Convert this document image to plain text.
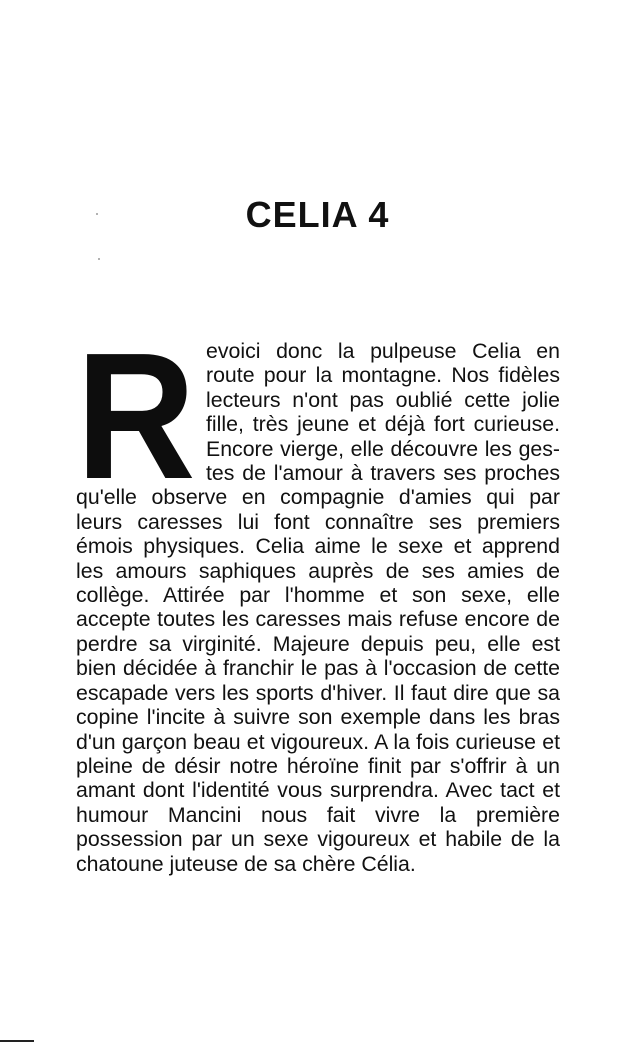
CELIA 4

Revoici donc la pulpeuse Celia en route pour la montagne. Nos fidèles lecteurs n'ont pas oublié cette jolie fille, très jeune et déjà fort curieuse. Encore vierge, elle découvre les gestes de l'amour à travers ses proches qu'elle observe en compagnie d'amies qui par leurs caresses lui font connaître ses premiers émois physiques. Celia aime le sexe et apprend les amours saphiques auprès de ses amies de collège. Attirée par l'homme et son sexe, elle accepte toutes les caresses mais refuse encore de perdre sa virginité. Majeure depuis peu, elle est bien décidée à franchir le pas à l'occasion de cette escapade vers les sports d'hiver. Il faut dire que sa copine l'incite à suivre son exemple dans les bras d'un garçon beau et vigoureux. A la fois curieuse et pleine de désir notre héroïne finit par s'offrir à un amant dont l'identité vous surprendra. Avec tact et humour Mancini nous fait vivre la première possession par un sexe vigoureux et habile de la chatoune juteuse de sa chère Célia.
